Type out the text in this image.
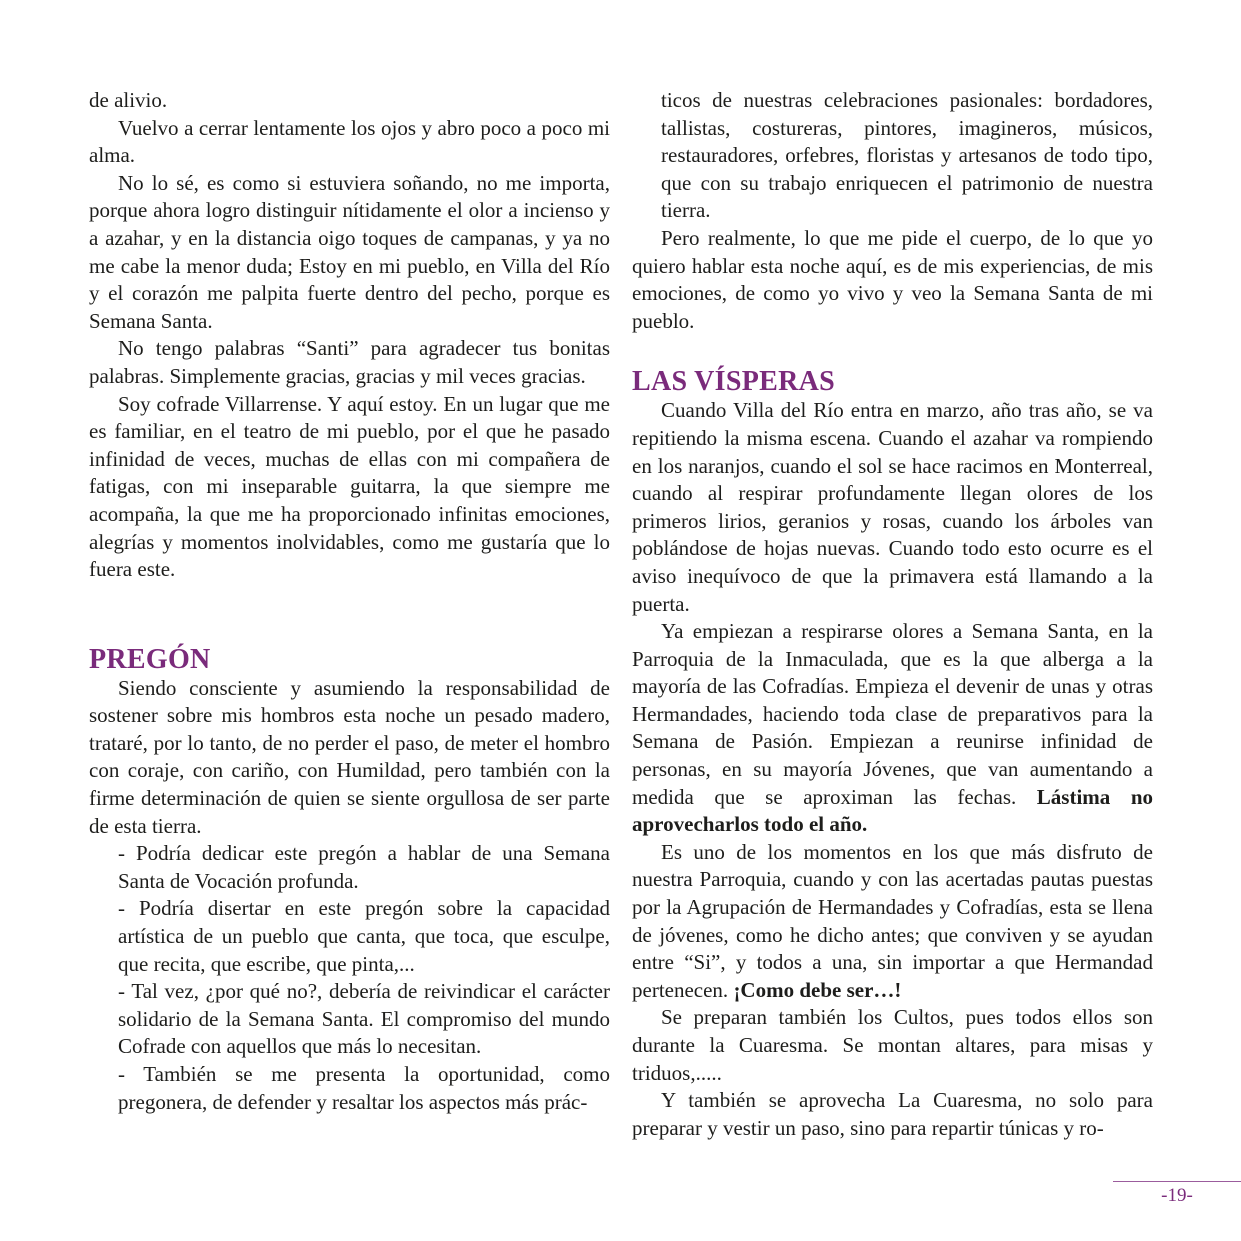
de alivio.

Vuelvo a cerrar lentamente los ojos y abro poco a poco mi alma.

No lo sé, es como si estuviera soñando, no me importa, porque ahora logro distinguir nítidamente el olor a incienso y a azahar, y en la distancia oigo toques de campanas, y ya no me cabe la menor duda; Estoy en mi pueblo, en Villa del Río y el corazón me palpita fuerte dentro del pecho, porque es Semana Santa.

No tengo palabras “Santi” para agradecer tus bonitas palabras. Simplemente gracias, gracias y mil veces gracias.

Soy cofrade Villarrense. Y aquí estoy. En un lugar que me es familiar, en el teatro de mi pueblo, por el que he pasado infinidad de veces, muchas de ellas con mi compañera de fatigas, con mi inseparable guitarra, la que siempre me acompaña, la que me ha proporcionado infinitas emociones, alegrías y momentos inolvidables, como me gustaría que lo fuera este.

PREGÓN

Siendo consciente y asumiendo la responsabilidad de sostener sobre mis hombros esta noche un pesado madero, trataré, por lo tanto, de no perder el paso, de meter el hombro con coraje, con cariño, con Humildad, pero también con la firme determinación de quien se siente orgullosa de ser parte de esta tierra.

- Podría dedicar este pregón a hablar de una Semana Santa de Vocación profunda.

- Podría disertar en este pregón sobre la capacidad artística de un pueblo que canta, que toca, que esculpe, que recita, que escribe, que pinta,...

- Tal vez, ¿por qué no?, debería de reivindicar el carácter solidario de la Semana Santa. El compromiso del mundo Cofrade con aquellos que más lo necesitan.

- También se me presenta la oportunidad, como pregonera, de defender y resaltar los aspectos más prác-

ticos de nuestras celebraciones pasionales: bordadores, tallistas, costureras, pintores, imagineros, músicos, restauradores, orfebres, floristas y artesanos de todo tipo, que con su trabajo enriquecen el patrimonio de nuestra tierra.

Pero realmente, lo que me pide el cuerpo, de lo que yo quiero hablar esta noche aquí, es de mis experiencias, de mis emociones, de como yo vivo y veo la Semana Santa de mi pueblo.

LAS VÍSPERAS

Cuando Villa del Río entra en marzo, año tras año, se va repitiendo la misma escena. Cuando el azahar va rompiendo en los naranjos, cuando el sol se hace racimos en Monterreal, cuando al respirar profundamente llegan olores de los primeros lirios, geranios y rosas, cuando los árboles van poblándose de hojas nuevas. Cuando todo esto ocurre es el aviso inequívoco de que la primavera está llamando a la puerta.

Ya empiezan a respirarse olores a Semana Santa, en la Parroquia de la Inmaculada, que es la que alberga a la mayoría de las Cofradías. Empieza el devenir de unas y otras Hermandades, haciendo toda clase de preparativos para la Semana de Pasión. Empiezan a reunirse infinidad de personas, en su mayoría Jóvenes, que van aumentando a medida que se aproximan las fechas. Lástima no aprovecharlos todo el año.

Es uno de los momentos en los que más disfruto de nuestra Parroquia, cuando y con las acertadas pautas puestas por la Agrupación de Hermandades y Cofradías, esta se llena de jóvenes, como he dicho antes; que conviven y se ayudan entre “Si”, y todos a una, sin importar a que Hermandad pertenecen. ¡Como debe ser…!

Se preparan también los Cultos, pues todos ellos son durante la Cuaresma. Se montan altares, para misas y triduos,.....

Y también se aprovecha La Cuaresma, no solo para preparar y vestir un paso, sino para repartir túnicas y ro-

-19-
